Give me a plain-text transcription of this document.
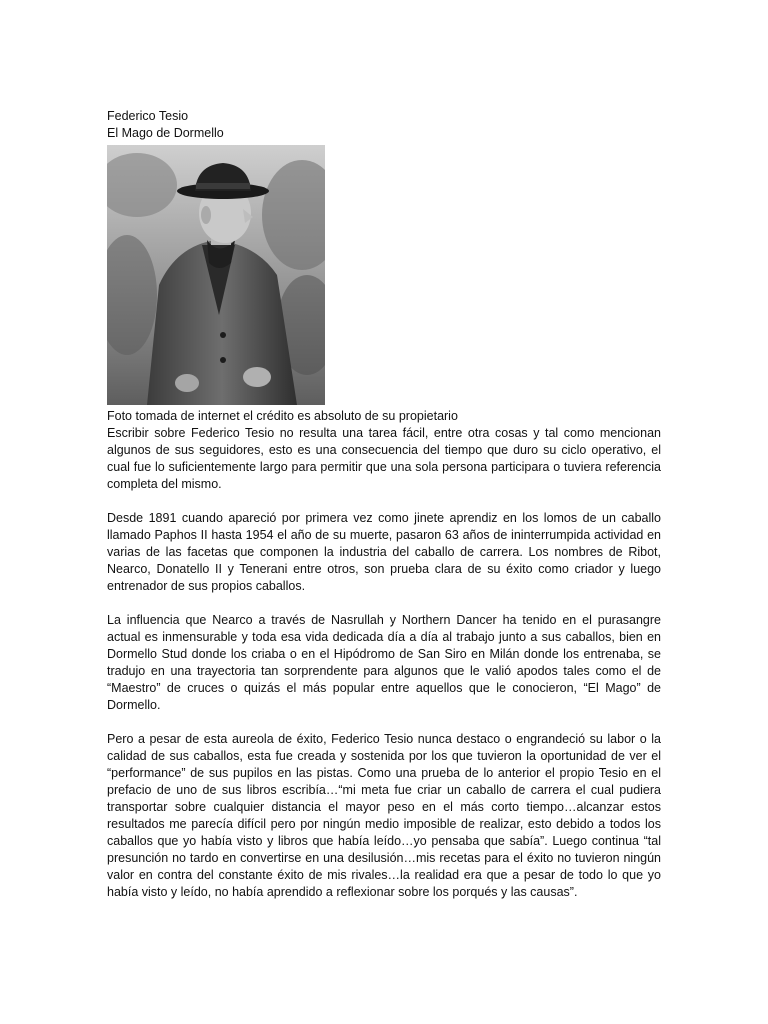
Federico Tesio

El Mago de Dormello

Foto tomada de internet el crédito es absoluto de su propietario

Escribir sobre Federico Tesio no resulta una tarea fácil, entre otra cosas y tal como mencionan algunos de sus seguidores, esto es una consecuencia del tiempo que duro su ciclo operativo, el cual fue lo suficientemente largo para permitir que una sola persona participara o tuviera referencia completa del mismo.

Desde 1891 cuando apareció por primera vez como jinete aprendiz en los lomos de un caballo llamado Paphos II hasta 1954 el año de su muerte, pasaron 63 años de ininterrumpida actividad en varias de las facetas que componen la industria del caballo de carrera. Los nombres de Ribot, Nearco, Donatello II y Tenerani entre otros, son prueba clara de su éxito como criador y luego entrenador de sus propios caballos.

La influencia que Nearco a través de Nasrullah y Northern Dancer ha tenido en el purasangre actual es inmensurable y toda esa vida dedicada día a día al trabajo junto a sus caballos, bien en Dormello Stud donde los criaba o en el Hipódromo de San Siro en Milán donde los entrenaba, se tradujo en una trayectoria tan sorprendente para algunos que le valió apodos tales como el de “Maestro” de cruces o quizás el más popular entre aquellos que le conocieron, “El Mago” de Dormello.

Pero a pesar de esta aureola de éxito, Federico Tesio nunca destaco o engrandeció su labor o la calidad de sus caballos, esta fue creada y sostenida por los que tuvieron la oportunidad de ver el “performance” de sus pupilos en las pistas. Como una prueba de lo anterior el propio Tesio en el prefacio de uno de sus libros escribía…“mi meta fue criar un caballo de carrera el cual pudiera transportar sobre cualquier distancia el mayor peso en el más corto tiempo…alcanzar estos resultados me parecía difícil pero por ningún medio imposible de realizar, esto debido a todos los caballos que yo había visto y libros que había leído…yo pensaba que sabía”. Luego continua “tal presunción no tardo en convertirse en una desilusión…mis recetas para el éxito no tuvieron ningún valor en contra del constante éxito de mis rivales…la realidad era que a pesar de todo lo que yo había visto y leído, no había aprendido a reflexionar sobre los porqués y las causas”.
